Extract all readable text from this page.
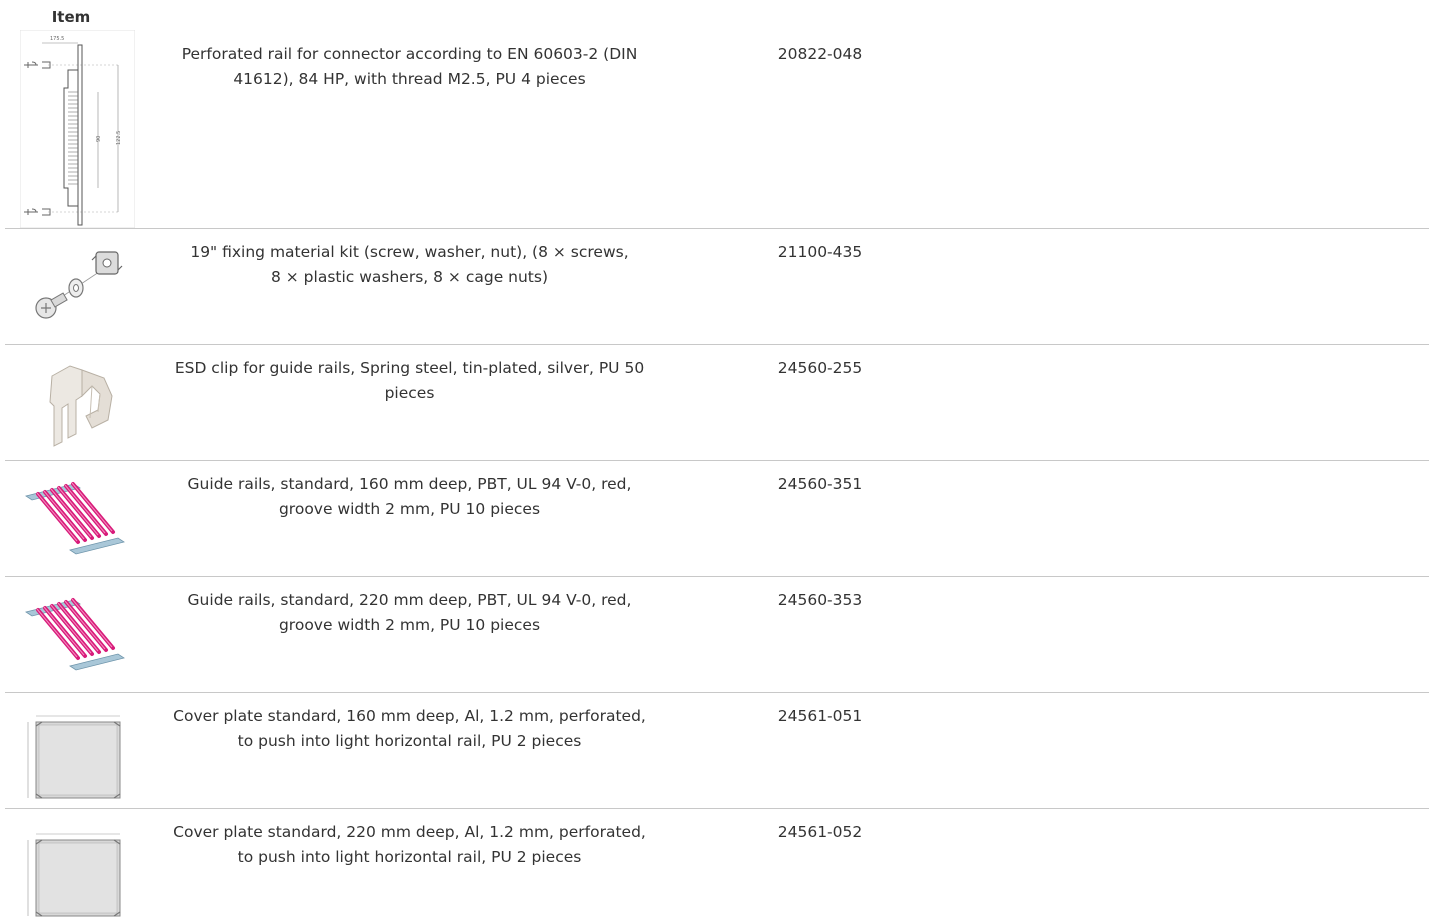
Item
175.5
90	122.5
Perforated rail for connector according to EN 60603-2 (DIN
41612), 84 HP, with thread M2.5, PU 4 pieces
20822-048
19" fixing material kit (screw, washer, nut), (8 × screws,
8 × plastic washers, 8 × cage nuts)
21100-435
ESD clip for guide rails, Spring steel, tin-plated, silver, PU 50
pieces
24560-255
Guide rails, standard, 160 mm deep, PBT, UL 94 V-0, red,
groove width 2 mm, PU 10 pieces
24560-351
Guide rails, standard, 220 mm deep, PBT, UL 94 V-0, red,
groove width 2 mm, PU 10 pieces
24560-353
Cover plate standard, 160 mm deep, Al, 1.2 mm, perforated,
to push into light horizontal rail, PU 2 pieces
24561-051
Cover plate standard, 220 mm deep, Al, 1.2 mm, perforated,
to push into light horizontal rail, PU 2 pieces
24561-052
